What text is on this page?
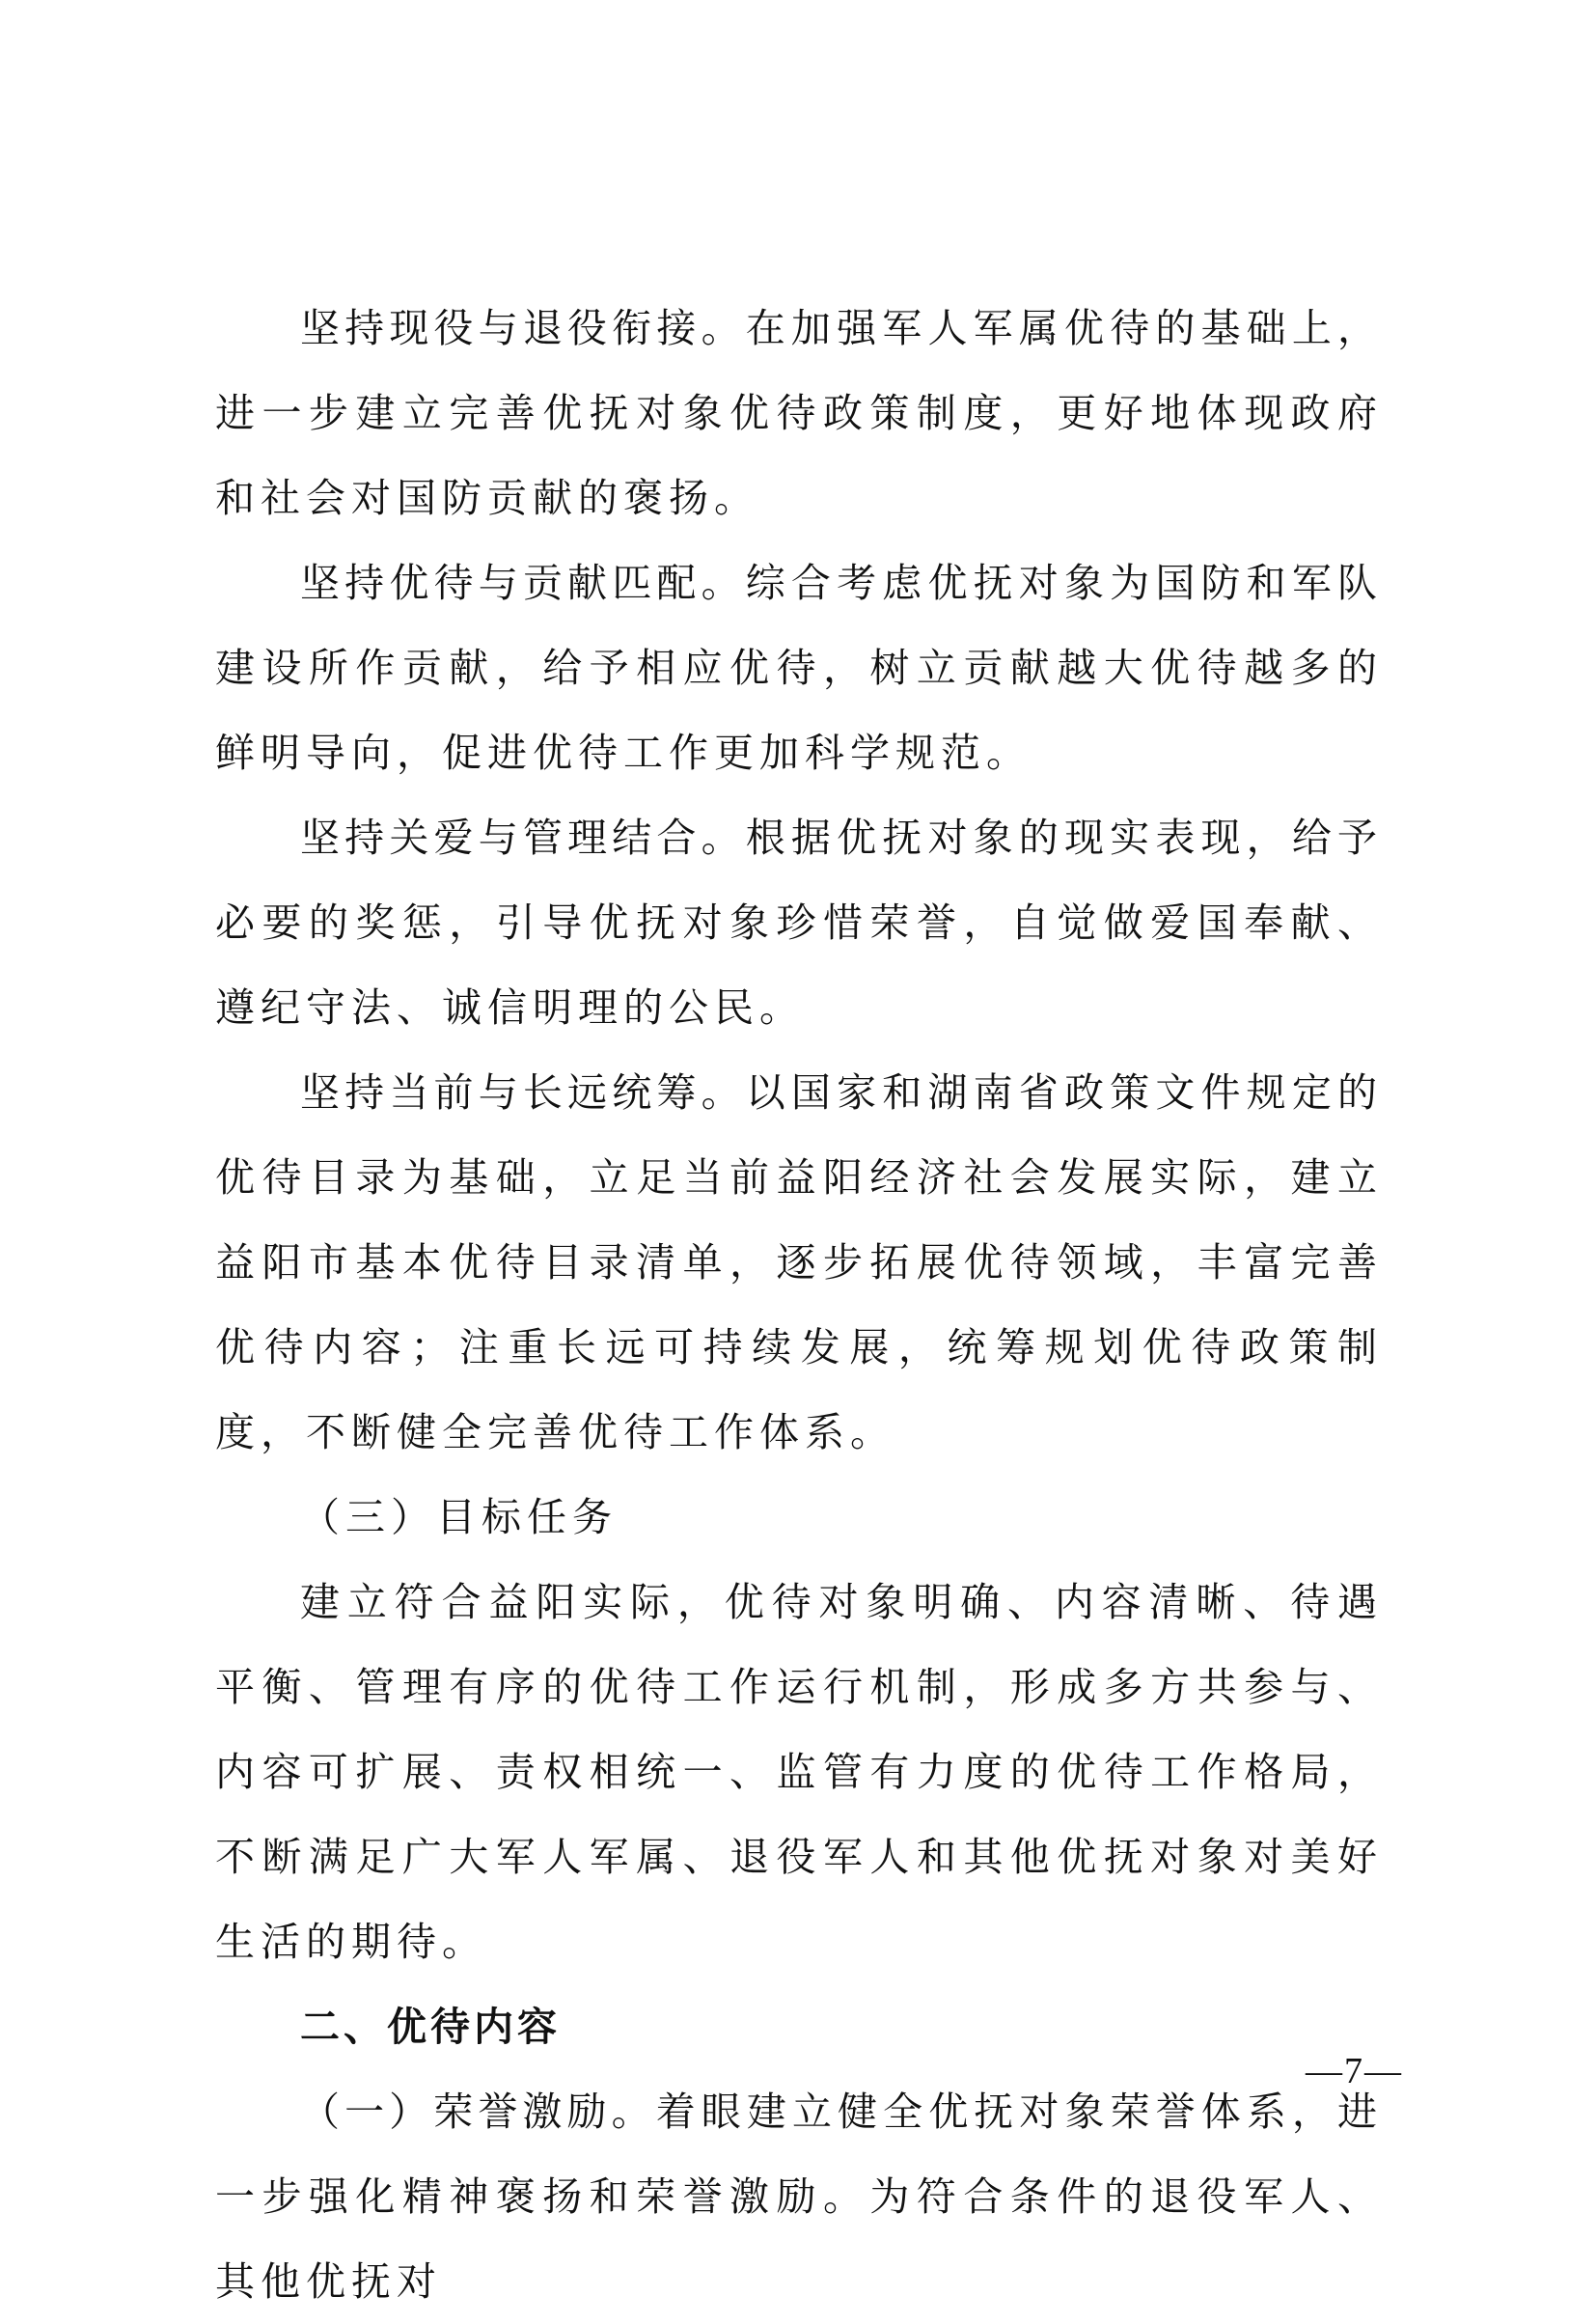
坚持现役与退役衔接。在加强军人军属优待的基础上，进一步建立完善优抚对象优待政策制度，更好地体现政府和社会对国防贡献的褒扬。

坚持优待与贡献匹配。综合考虑优抚对象为国防和军队建设所作贡献，给予相应优待，树立贡献越大优待越多的鲜明导向，促进优待工作更加科学规范。

坚持关爱与管理结合。根据优抚对象的现实表现，给予必要的奖惩，引导优抚对象珍惜荣誉，自觉做爱国奉献、遵纪守法、诚信明理的公民。

坚持当前与长远统筹。以国家和湖南省政策文件规定的优待目录为基础，立足当前益阳经济社会发展实际，建立益阳市基本优待目录清单，逐步拓展优待领域，丰富完善优待内容；注重长远可持续发展，统筹规划优待政策制度，不断健全完善优待工作体系。

（三）目标任务

建立符合益阳实际，优待对象明确、内容清晰、待遇平衡、管理有序的优待工作运行机制，形成多方共参与、内容可扩展、责权相统一、监管有力度的优待工作格局，不断满足广大军人军属、退役军人和其他优抚对象对美好生活的期待。

二、优待内容

（一）荣誉激励。着眼建立健全优抚对象荣誉体系，进一步强化精神褒扬和荣誉激励。为符合条件的退役军人、其他优抚对

—7—
